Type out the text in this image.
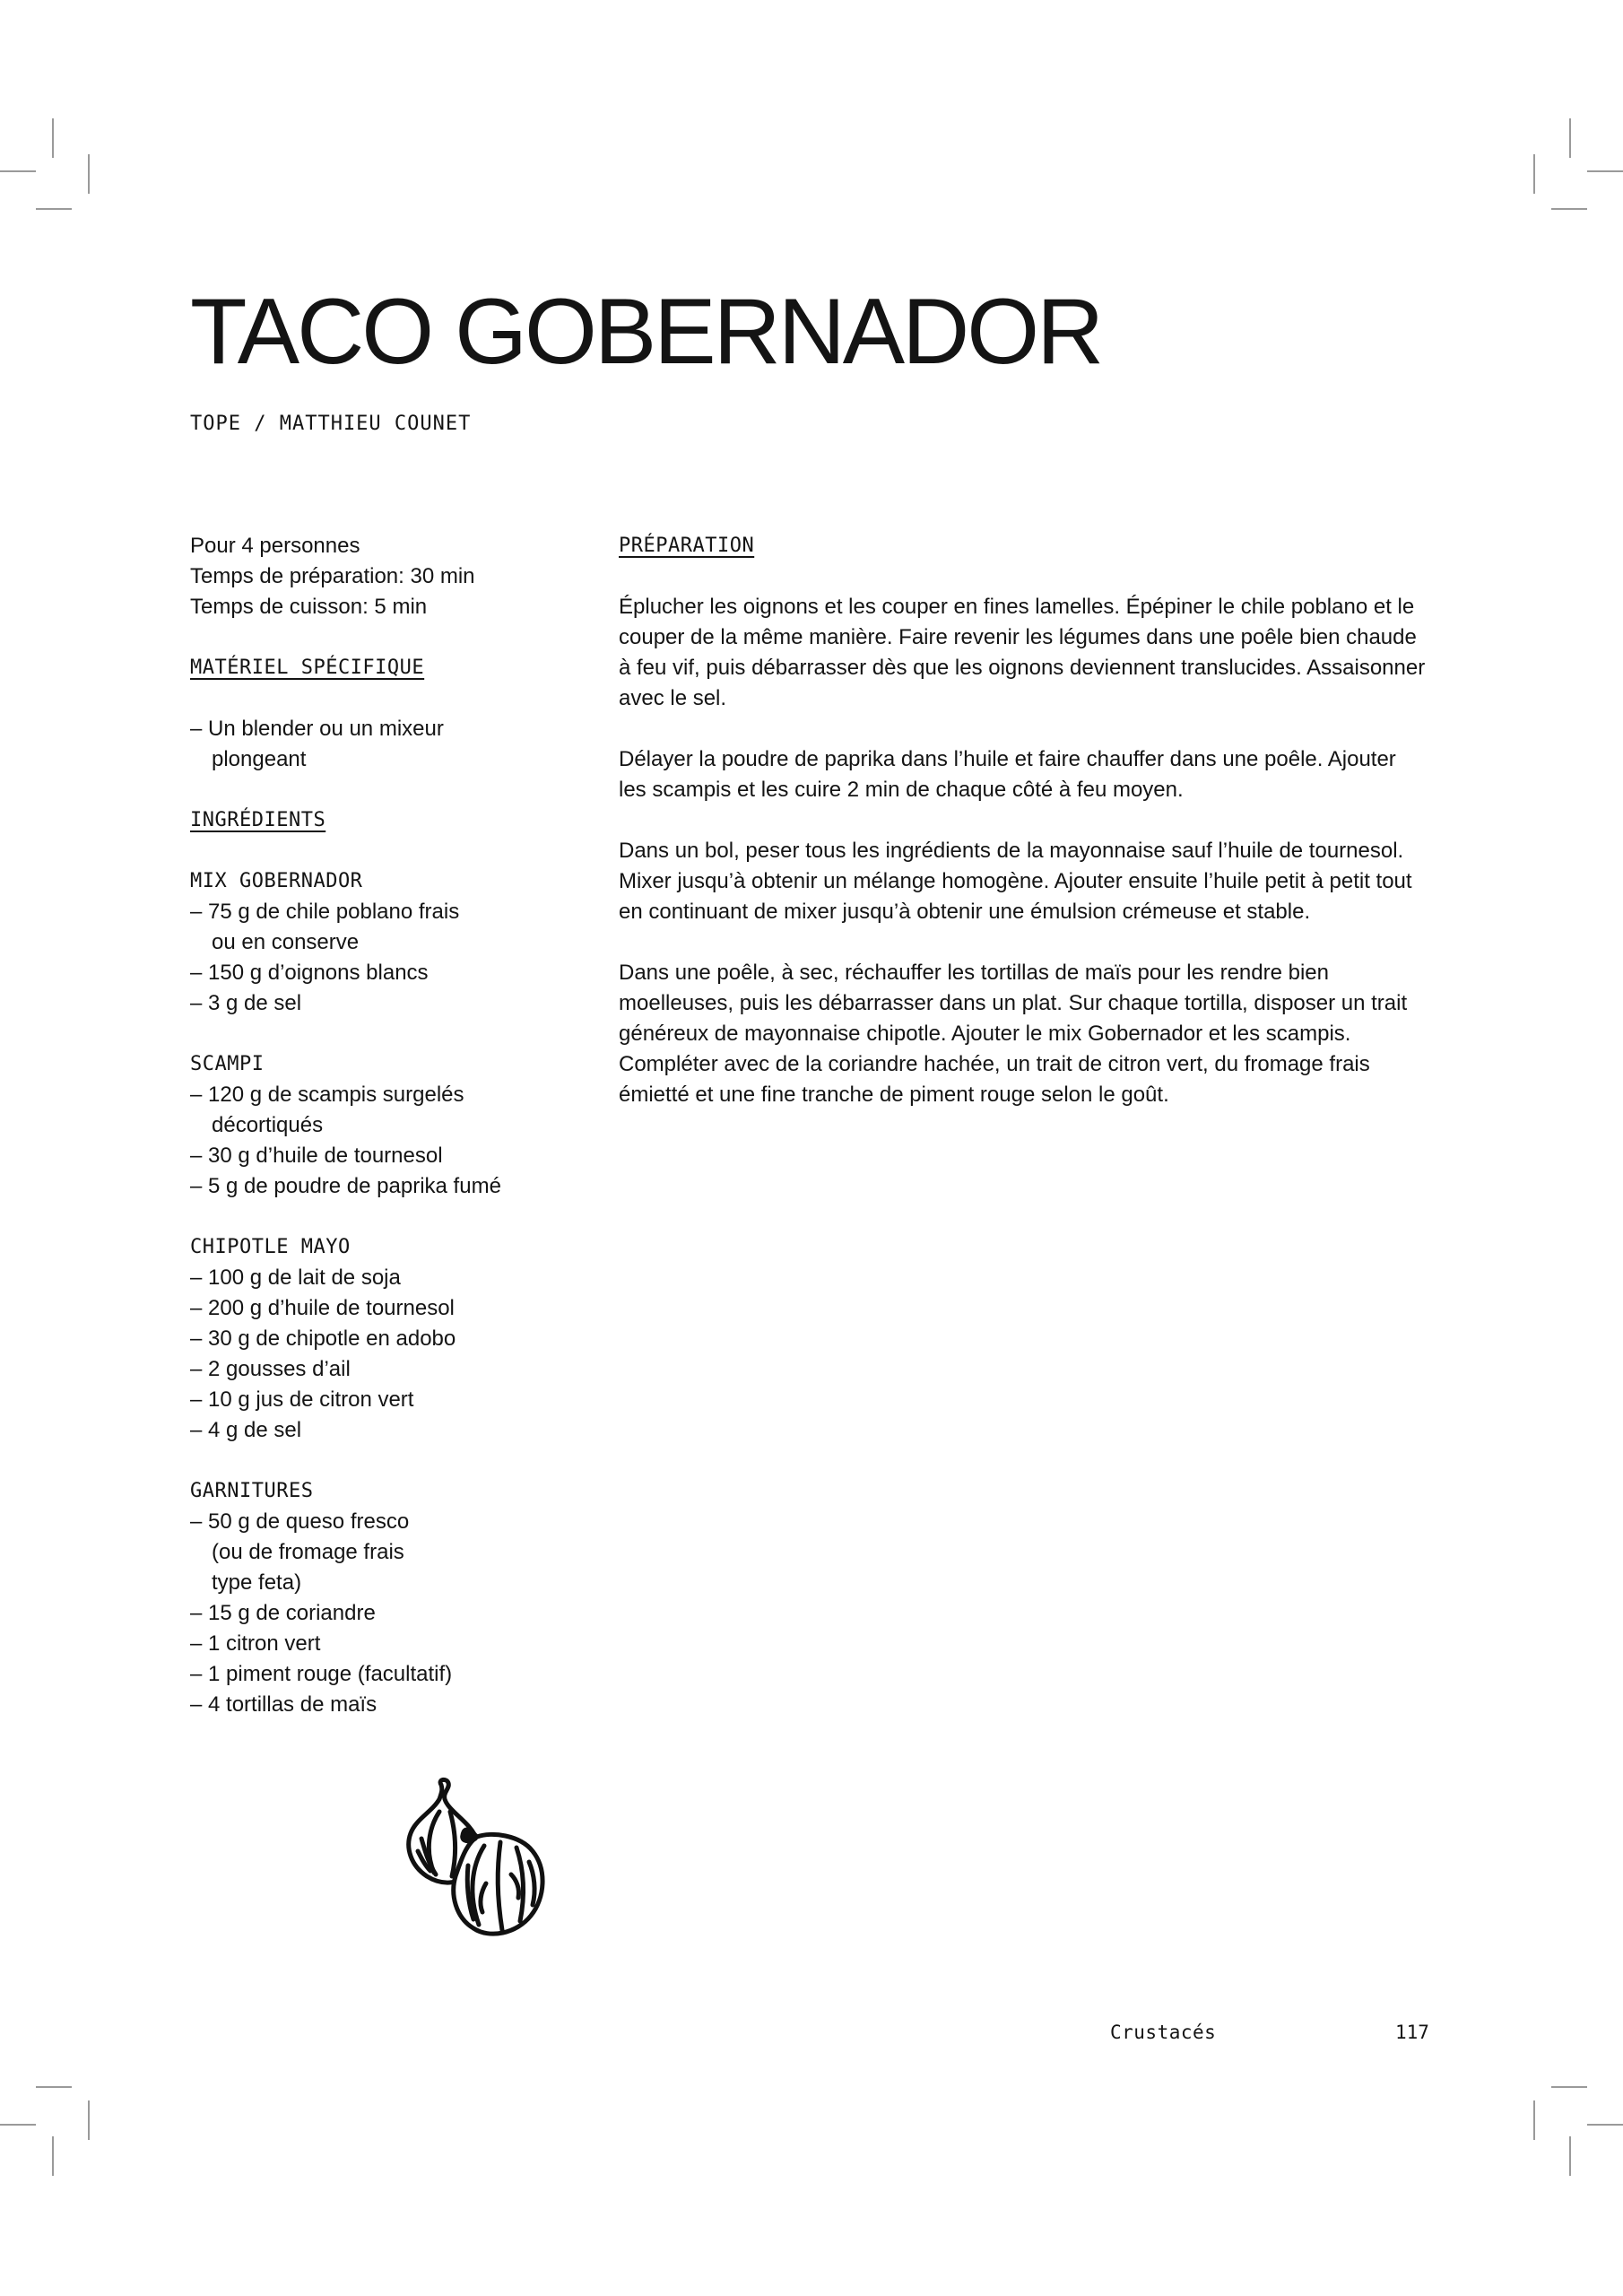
TACO GOBERNADOR
TOPE / MATTHIEU COUNET
Pour 4 personnes
Temps de préparation: 30 min
Temps de cuisson: 5 min
MATÉRIEL SPÉCIFIQUE
– Un blender ou un mixeur
plongeant
INGRÉDIENTS
MIX GOBERNADOR
– 75 g de chile poblano frais ou en conserve
– 150 g d’oignons blancs
– 3 g de sel
SCAMPI
– 120 g de scampis surgelés décortiqués
– 30 g d’huile de tournesol
– 5 g de poudre de paprika fumé
CHIPOTLE MAYO
– 100 g de lait de soja
– 200 g d’huile de tournesol
– 30 g de chipotle en adobo
– 2 gousses d’ail
– 10 g jus de citron vert
– 4 g de sel
GARNITURES
– 50 g de queso fresco (ou de fromage frais type feta)
– 15 g de coriandre
– 1 citron vert
– 1 piment rouge (facultatif)
– 4 tortillas de maïs
PRÉPARATION

Éplucher les oignons et les couper en fines lamelles. Épépiner le chile poblano et le couper de la même manière. Faire revenir les légumes dans une poêle bien chaude à feu vif, puis débarrasser dès que les oignons deviennent translucides. Assaisonner avec le sel.

Délayer la poudre de paprika dans l’huile et faire chauffer dans une poêle. Ajouter les scampis et les cuire 2 min de chaque côté à feu moyen.

Dans un bol, peser tous les ingrédients de la mayonnaise sauf l’huile de tournesol. Mixer jusqu’à obtenir un mélange homogène. Ajouter ensuite l’huile petit à petit tout en continuant de mixer jusqu’à obtenir une émulsion crémeuse et stable.

Dans une poêle, à sec, réchauffer les tortillas de maïs pour les rendre bien moelleuses, puis les débarrasser dans un plat. Sur chaque tortilla, disposer un trait généreux de mayonnaise chipotle. Ajouter le mix Gobernador et les scampis. Compléter avec de la coriandre hachée, un trait de citron vert, du fromage frais émietté et une fine tranche de piment rouge selon le goût.

Crustacés	117
